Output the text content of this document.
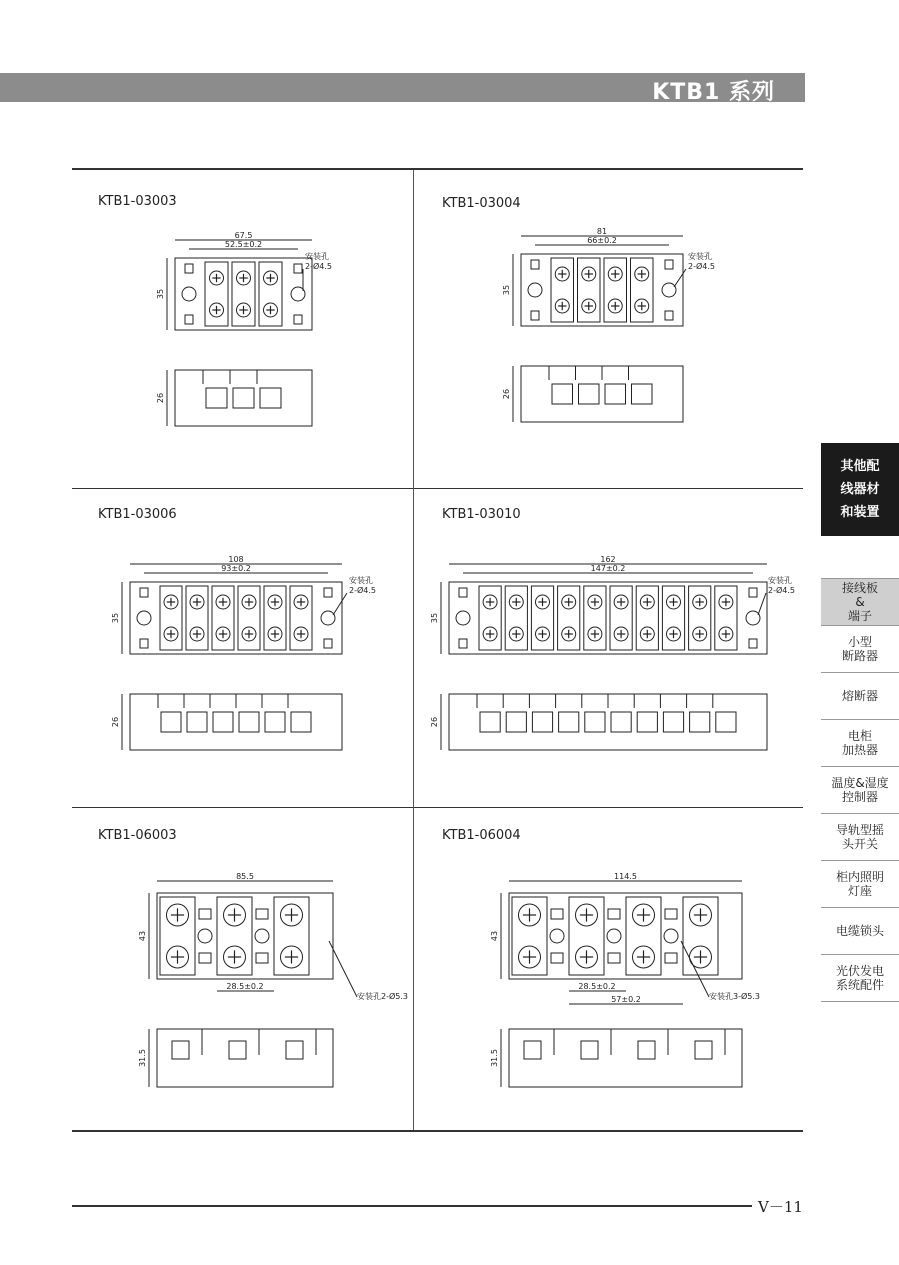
KTB1 系列
KTB1-03003
67.5
52.5±0.2
35
安装孔
2-Ø4.5
26
KTB1-03004
81
66±0.2
35
安装孔
2-Ø4.5
26
KTB1-03006
108
93±0.2
35
安装孔
2-Ø4.5
26
KTB1-03010
162
147±0.2
35
安装孔
2-Ø4.5
26
KTB1-06003
85.5
43
28.5±0.2
安装孔2-Ø5.3
31.5
KTB1-06004
114.5
43
28.5±0.2
57±0.2	安装孔3-Ø5.3
31.5
其他配
线器材
和装置
接线板
&
端子
小型
断路器
熔断器
电柜
加热器
温度&湿度
控制器
导轨型摇
头开关
柜内照明
灯座
电缆锁头
光伏发电
系统配件
V－11
